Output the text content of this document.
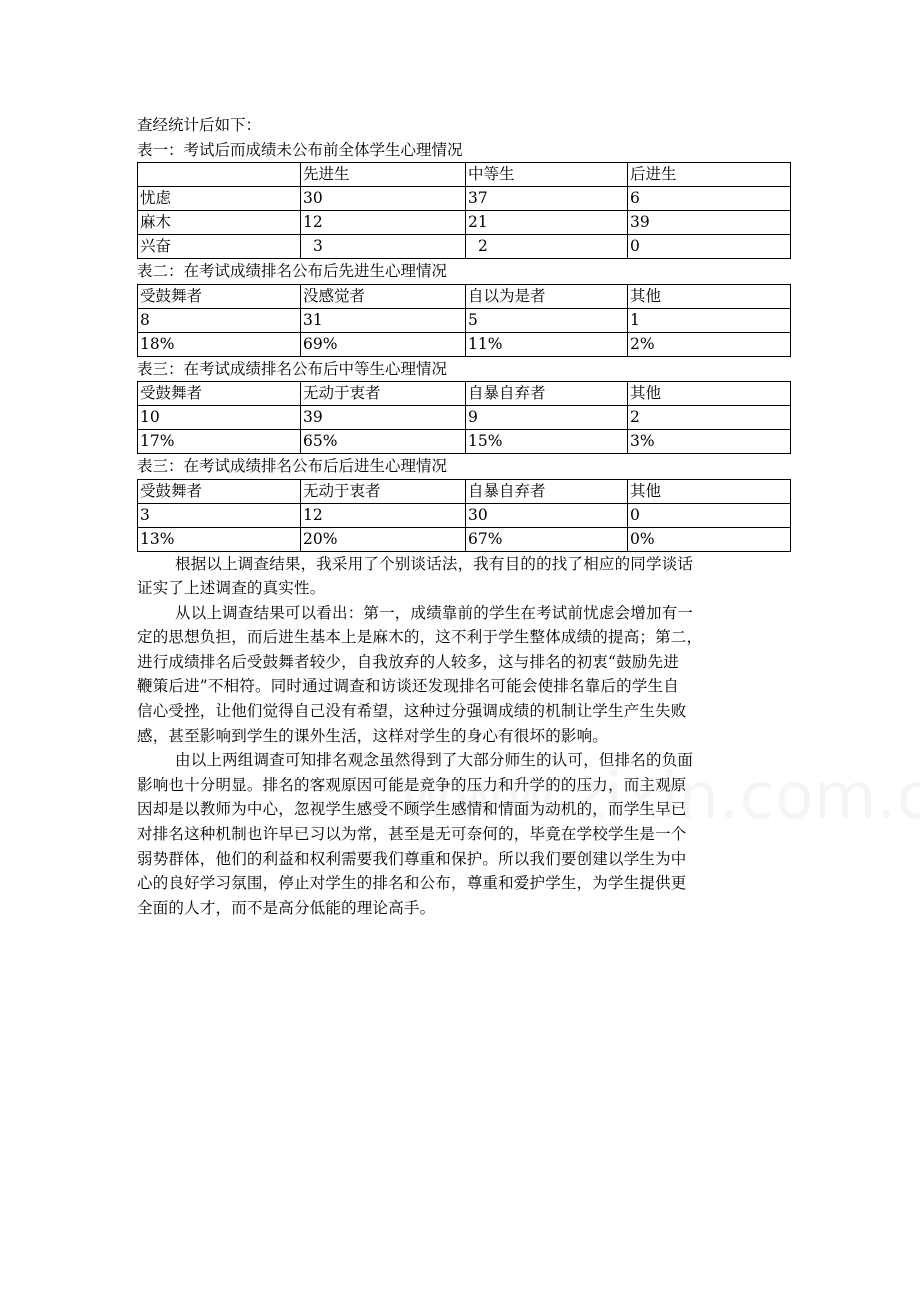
查经统计后如下：
表一：考试后而成绩未公布前全体学生心理情况
	先进生	中等生	后进生
忧虑	30	37	6
麻木	12	21	39
兴奋	3	2	0
表二：在考试成绩排名公布后先进生心理情况
受鼓舞者	没感觉者	自以为是者	其他
8	31	5	1
18%	69%	11%	2%
表三：在考试成绩排名公布后中等生心理情况
受鼓舞者	无动于衷者	自暴自弃者	其他
10	39	9	2
17%	65%	15%	3%
表三：在考试成绩排名公布后后进生心理情况
受鼓舞者	无动于衷者	自暴自弃者	其他
3	12	30	0
13%	20%	67%	0%
根据以上调查结果，我采用了个别谈话法，我有目的的找了相应的同学谈话
证实了上述调查的真实性。
从以上调查结果可以看出：第一，成绩靠前的学生在考试前忧虑会增加有一
定的思想负担，而后进生基本上是麻木的，这不利于学生整体成绩的提高；第二，
进行成绩排名后受鼓舞者较少，自我放弃的人较多，这与排名的初衷“鼓励先进
鞭策后进”不相符。同时通过调查和访谈还发现排名可能会使排名靠后的学生自
信心受挫，让他们觉得自己没有希望，这种过分强调成绩的机制让学生产生失败
感，甚至影响到学生的课外生活，这样对学生的身心有很坏的影响。
由以上两组调查可知排名观念虽然得到了大部分师生的认可，但排名的负面
影响也十分明显。排名的客观原因可能是竞争的压力和升学的的压力，而主观原
因却是以教师为中心，忽视学生感受不顾学生感情和情面为动机的，而学生早已
对排名这种机制也许早已习以为常，甚至是无可奈何的，毕竟在学校学生是一个
弱势群体，他们的利益和权利需要我们尊重和保护。所以我们要创建以学生为中
心的良好学习氛围，停止对学生的排名和公布，尊重和爱护学生，为学生提供更
全面的人才，而不是高分低能的理论高手。
